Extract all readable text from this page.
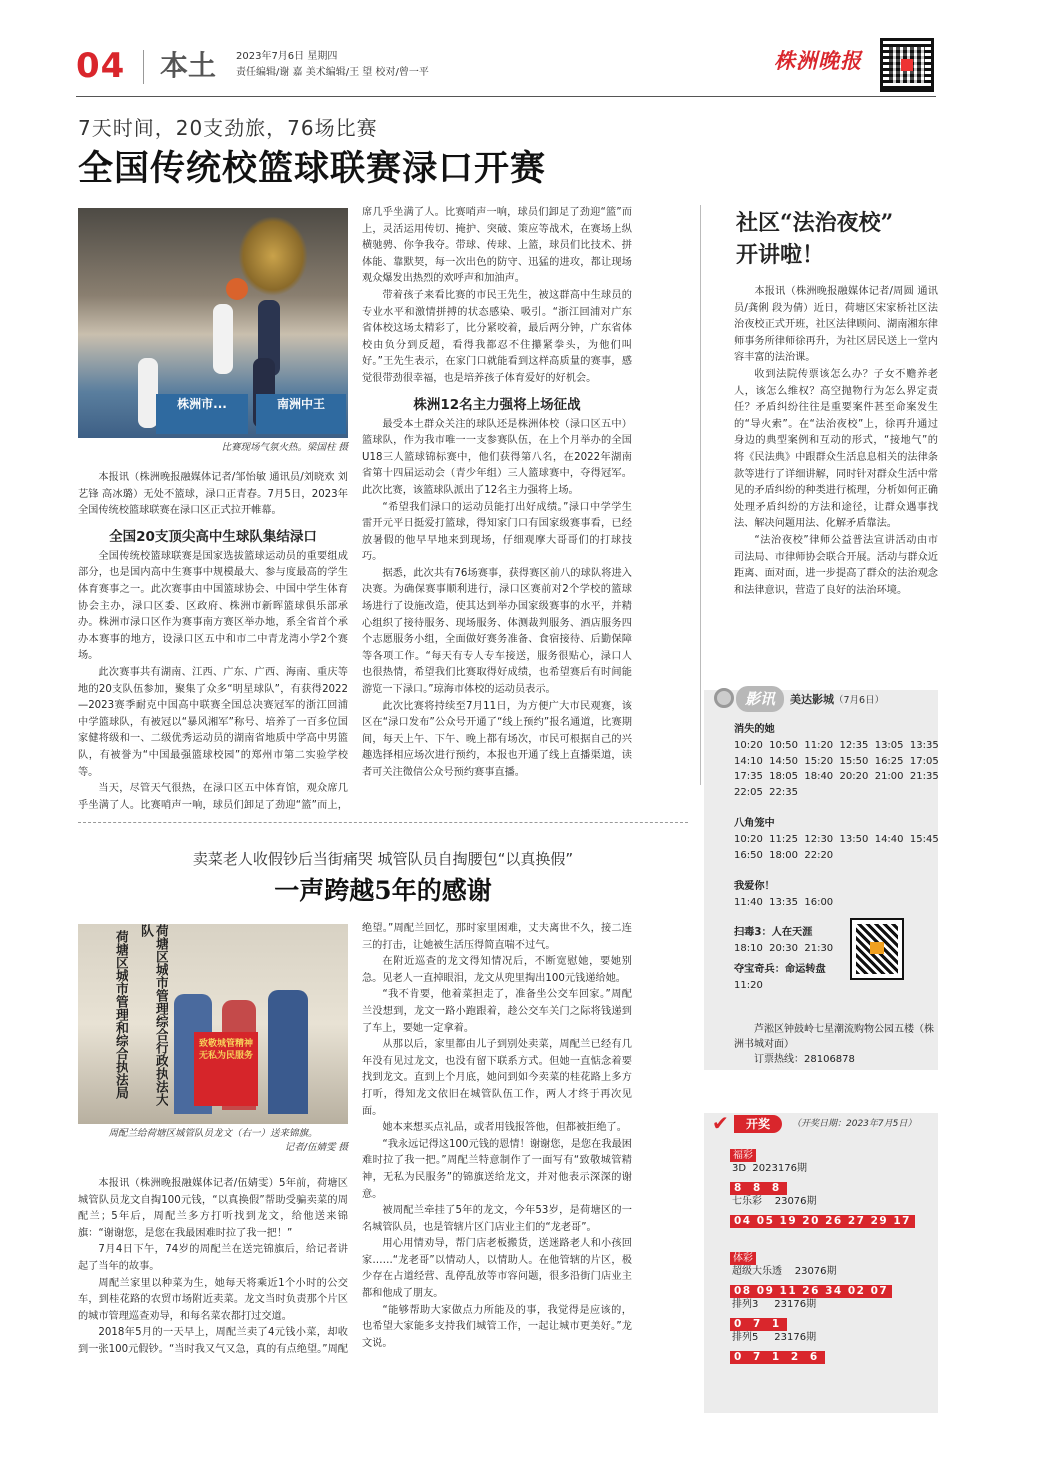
04 本土 2023年7月6日 星期四
责任编辑/谢 嘉 美术编辑/王 望 校对/曾一平	株洲晚报
7天时间，20支劲旅，76场比赛
全国传统校篮球联赛渌口开赛
株洲市...	南洲中王
比赛现场气氛火热。梁国柱 摄

本报讯（株洲晚报融媒体记者/邹怡敏 通讯员/刘晓欢 刘艺锋 高冰璐）无处不篮球，渌口正青春。7月5日，2023年全国传统校篮球联赛在渌口区正式拉开帷幕。

全国20支顶尖高中生球队集结渌口

全国传统校篮球联赛是国家选拔篮球运动员的重要组成部分，也是国内高中生赛事中规模最大、参与度最高的学生体育赛事之一。此次赛事由中国篮球协会、中国中学生体育协会主办，渌口区委、区政府、株洲市新晖篮球俱乐部承办。株洲市渌口区作为赛事南方赛区举办地，系全省首个承办本赛事的地方，设渌口区五中和市二中青龙湾小学2个赛场。

此次赛事共有湖南、江西、广东、广西、海南、重庆等地的20支队伍参加，聚集了众多“明星球队”，有获得2022—2023赛季耐克中国高中联赛全国总决赛冠军的浙江回浦中学篮球队，有被冠以“暴风湘军”称号、培养了一百多位国家健将级和一、二级优秀运动员的湖南省地质中学高中男篮队，有被誉为“中国最强篮球校园”的郑州市第二实验学校等。

当天，尽管天气很热，在渌口区五中体育馆，观众席几乎坐满了人。比赛哨声一响，球员们卸足了劲迎“篮”而上，

席几乎坐满了人。比赛哨声一响，球员们卸足了劲迎“篮”而上，灵活运用传切、掩护、突破、策应等战术，在赛场上纵横驰骋、你争我夺。带球、传球、上篮，球员们比技术、拼体能、靠默契，每一次出色的防守、迅猛的进攻，都让现场观众爆发出热烈的欢呼声和加油声。

带着孩子来看比赛的市民王先生，被这群高中生球员的专业水平和激情拼搏的状态感染、吸引。“浙江回浦对广东省体校这场太精彩了，比分紧咬着，最后两分钟，广东省体校由负分到反超，看得我都忍不住攥紧拳头，为他们叫好。”王先生表示，在家门口就能看到这样高质量的赛事，感觉很带劲很幸福，也是培养孩子体育爱好的好机会。

株洲12名主力强将上场征战

最受本土群众关注的球队还是株洲体校（渌口区五中）篮球队，作为我市唯一一支参赛队伍，在上个月举办的全国U18三人篮球锦标赛中，他们获得第八名，在2022年湖南省第十四届运动会（青少年组）三人篮球赛中，夺得冠军。此次比赛，该篮球队派出了12名主力强将上场。

“希望我们渌口的运动员能打出好成绩。”渌口中学学生雷开元平日挺爱打篮球，得知家门口有国家级赛事看，已经放暑假的他早早地来到现场，仔细观摩大哥哥们的打球技巧。

据悉，此次共有76场赛事，获得赛区前八的球队将进入决赛。为确保赛事顺利进行，渌口区赛前对2个学校的篮球场进行了设施改造，使其达到举办国家级赛事的水平，并精心组织了接待服务、现场服务、体测裁判服务、酒店服务四个志愿服务小组，全面做好赛务准备、食宿接待、后勤保障等各项工作。“每天有专人专车接送，服务很贴心，渌口人也很热情，希望我们比赛取得好成绩，也希望赛后有时间能游览一下渌口。”琼海市体校的运动员表示。

此次比赛将持续至7月11日，为方便广大市民观赛，该区在“渌口发布”公众号开通了“线上预约”报名通道，比赛期间，每天上午、下午、晚上都有场次，市民可根据自己的兴趣选择相应场次进行预约，本报也开通了线上直播渠道，读者可关注微信公众号预约赛事直播。

社区“法治夜校”
开讲啦！

本报讯（株洲晚报融媒体记者/周圆 通讯员/龚俐 段为倩）近日，荷塘区宋家桥社区法治夜校正式开班，社区法律顾问、湖南湘东律师事务所律师徐再升，为社区居民送上一堂内容丰富的法治课。

收到法院传票该怎么办？子女不赡养老人，该怎么维权？高空抛物行为怎么界定责任？矛盾纠纷往往是重要案件甚至命案发生的“导火索”。在“法治夜校”上，徐再升通过身边的典型案例和互动的形式，“接地气”的将《民法典》中跟群众生活息息相关的法律条款等进行了详细讲解，同时针对群众生活中常见的矛盾纠纷的种类进行梳理，分析如何正确处理矛盾纠纷的方法和途径，让群众遇事找法、解决问题用法、化解矛盾靠法。

“法治夜校”律师公益普法宣讲活动由市司法局、市律师协会联合开展。活动与群众近距离、面对面，进一步提高了群众的法治观念和法律意识，营造了良好的法治环境。

影讯	美达影城（7月6日）
消失的她
10:20  10:50  11:20  12:35  13:05  13:35
14:10  14:50  15:20  15:50  16:25  17:05
17:35  18:05  18:40  20:20  21:00  21:35
22:05  22:35
八角笼中
10:20  11:25  12:30  13:50  14:40  15:45
16:50  18:00  22:20
我爱你！
11:40  13:35  16:00
扫毒3：人在天涯
18:10  20:30  21:30
夺宝奇兵：命运转盘
11:20
芦淞区钟鼓岭七星潮流购物公园五楼（株洲书城对面）
订票热线：28106878
✔	开奖	（开奖日期：2023年7月5日）
福彩
3D  2023176期
8 8 8
七乐彩    23076期
04 05 19 20 26 27 29 17
体彩
超级大乐透    23076期
08 09 11 26 34 02 07
排列3     23176期
0 7 1
排列5     23176期
0 7 1 2 6
卖菜老人收假钞后当街痛哭 城管队员自掏腰包“以真换假”
一声跨越5年的感谢
荷塘区城市管理和综合执法局	荷塘区城市管理综合行政执法大队
致敬城管精神 无私为民服务
周配兰给荷塘区城管队员龙文（右一）送来锦旗。
记者/伍婧雯 摄

本报讯（株洲晚报融媒体记者/伍婧雯）5年前，荷塘区城管队员龙文自掏100元钱，“以真换假”帮助受骗卖菜的周配兰；5年后，周配兰多方打听找到龙文，给他送来锦旗：“谢谢您，是您在我最困难时拉了我一把！”

7月4日下午，74岁的周配兰在送完锦旗后，给记者讲起了当年的故事。

周配兰家里以种菜为生，她每天将乘近1个小时的公交车，到桂花路的农贸市场附近卖菜。龙文当时负责那个片区的城市管理巡查劝导，和每名菜农都打过交道。

2018年5月的一天早上，周配兰卖了4元钱小菜，却收到一张100元假钞。“当时我又气又急，真的有点绝望。”周配

绝望。”周配兰回忆，那时家里困难，丈夫离世不久，接二连三的打击，让她被生活压得简直喘不过气。

在附近巡查的龙文得知情况后，不断宽慰她，要她别急。见老人一直掉眼泪，龙文从兜里掏出100元钱递给她。

“我不肯要，他着菜担走了，准备坐公交车回家。”周配兰没想到，龙文一路小跑跟着，趁公交车关门之际将钱递到了车上，要她一定拿着。

从那以后，家里都由儿子到别处卖菜，周配兰已经有几年没有见过龙文，也没有留下联系方式。但她一直惦念着要找到龙文。直到上个月底，她问到如今卖菜的桂花路上多方打听，得知龙文依旧在城管队伍工作，两人才终于再次见面。

她本来想买点礼品，或者用钱报答他，但都被拒绝了。

“我永远记得这100元钱的恩情！谢谢您，是您在我最困难时拉了我一把。”周配兰特意制作了一面写有“致敬城管精神，无私为民服务”的锦旗送给龙文，并对他表示深深的谢意。

被周配兰牵挂了5年的龙文，今年53岁，是荷塘区的一名城管队员，也是管辖片区门店业主们的“龙老哥”。

用心用情劝导，帮门店老板搬货，送迷路老人和小孩回家……“龙老哥”以情动人，以情助人。在他管辖的片区，极少存在占道经营、乱停乱放等市容问题，很多沿街门店业主都和他成了朋友。

“能够帮助大家做点力所能及的事，我觉得是应该的，也希望大家能多支持我们城管工作，一起让城市更美好。”龙文说。
